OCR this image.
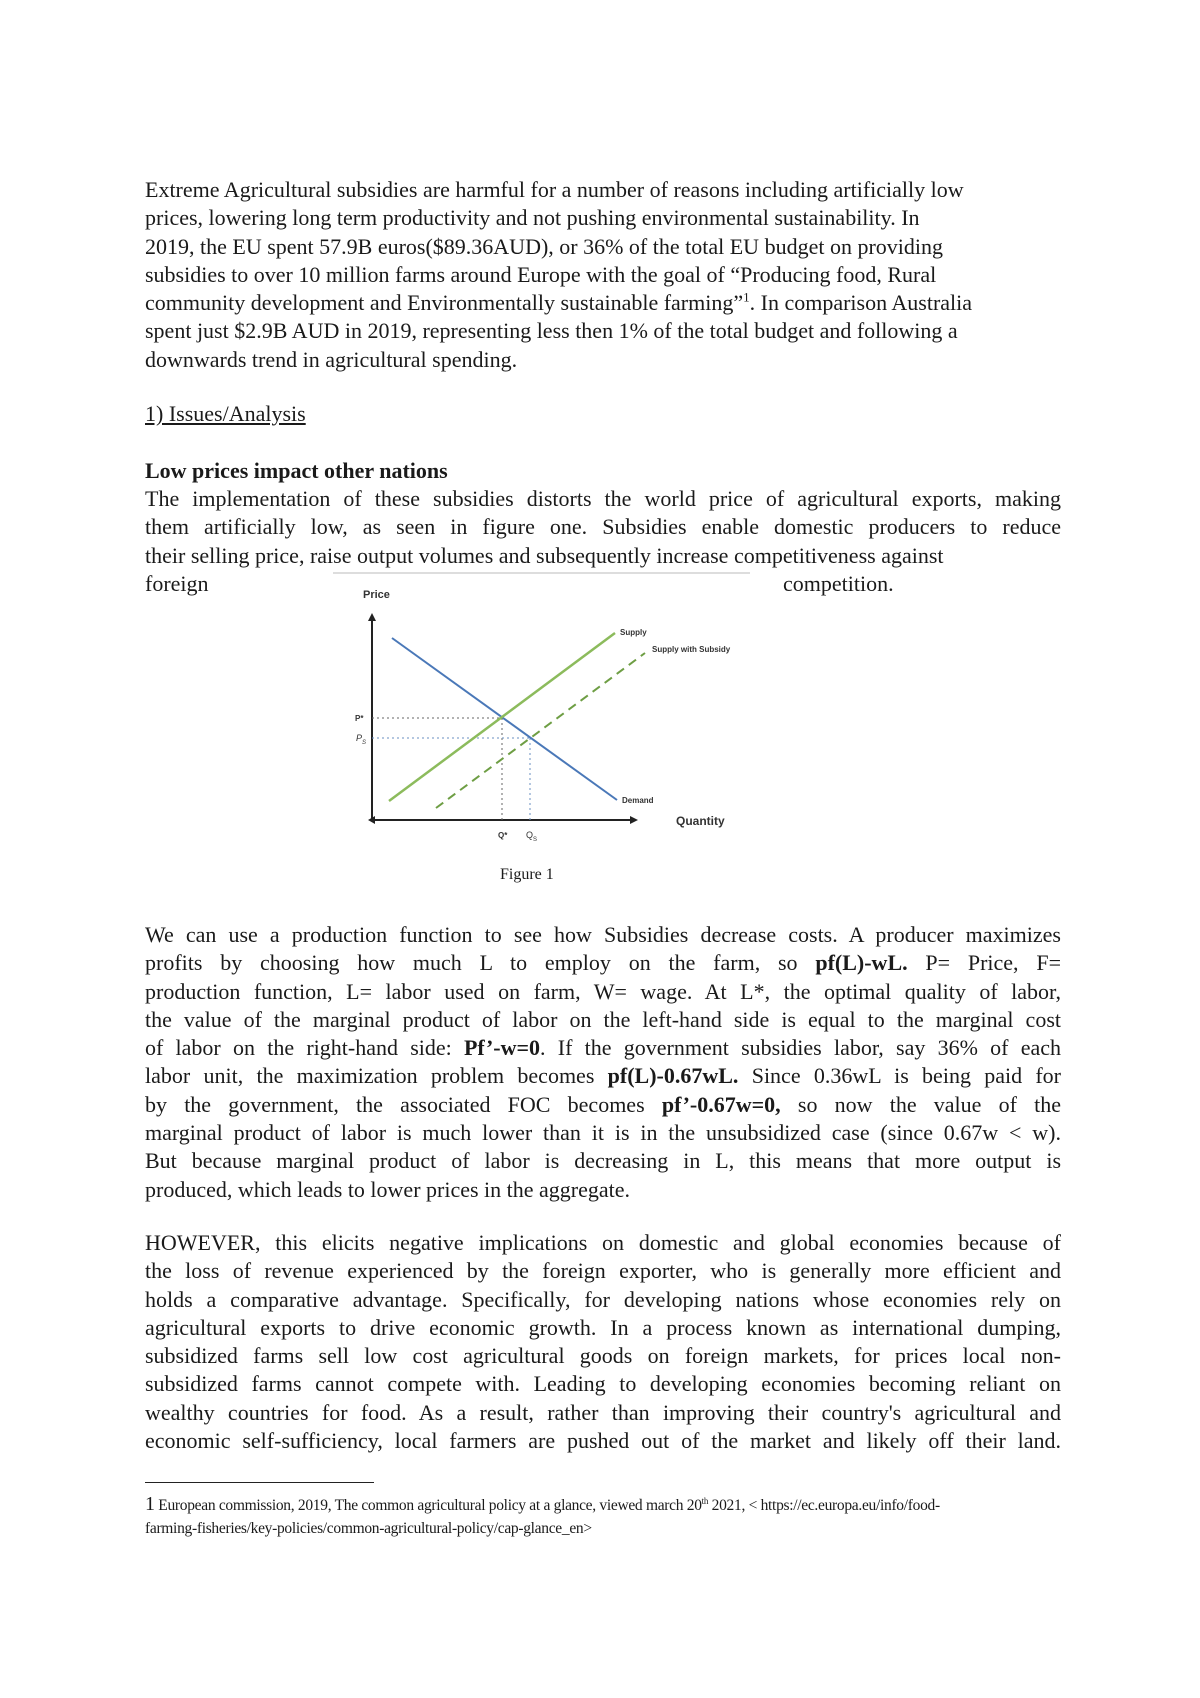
Extreme Agricultural subsidies are harmful for a number of reasons including artificially low
prices, lowering long term productivity and not pushing environmental sustainability. In
2019, the EU spent 57.9B euros($89.36AUD), or 36% of the total EU budget on providing
subsidies to over 10 million farms around Europe with the goal of “Producing food, Rural
community development and Environmentally sustainable farming”$^1$. In comparison Australia
spent just $2.9B AUD in 2019, representing less then 1% of the total budget and following a
downwards trend in agricultural spending.
1) Issues/Analysis
Low prices impact other nations
The implementation of these subsidies distorts the world price of agricultural exports, making
them artificially low, as seen in figure one. Subsidies enable domestic producers to reduce
their selling price, raise output volumes and subsequently increase competitiveness against
foreign	competition.
Price
Supply
Supply with Subsidy
Demand
Quantity
P*
$P_S$
Q* $Q_S$
Figure 1
We can use a production function to see how Subsidies decrease costs. A producer maximizes
profits by choosing how much L to employ on the farm, so pf(L)-wL. P= Price, F=
production function, L= labor used on farm, W= wage. At L*, the optimal quality of labor,
the value of the marginal product of labor on the left-hand side is equal to the marginal cost
of labor on the right-hand side: Pf’-w=0. If the government subsidies labor, say 36% of each
labor unit, the maximization problem becomes pf(L)-0.67wL. Since 0.36wL is being paid for
by the government, the associated FOC becomes pf’-0.67w=0, so now the value of the
marginal product of labor is much lower than it is in the unsubsidized case (since 0.67w < w).
But because marginal product of labor is decreasing in L, this means that more output is
produced, which leads to lower prices in the aggregate.
HOWEVER, this elicits negative implications on domestic and global economies because of
the loss of revenue experienced by the foreign exporter, who is generally more efficient and
holds a comparative advantage. Specifically, for developing nations whose economies rely on
agricultural exports to drive economic growth. In a process known as international dumping,
subsidized farms sell low cost agricultural goods on foreign markets, for prices local non-
subsidized farms cannot compete with. Leading to developing economies becoming reliant on
wealthy countries for food. As a result, rather than improving their country's agricultural and
economic self-sufficiency, local farmers are pushed out of the market and likely off their land.
1 European commission, 2019, The common agricultural policy at a glance, viewed march 20th 2021, < https://ec.europa.eu/info/food-
farming-fisheries/key-policies/common-agricultural-policy/cap-glance_en>
